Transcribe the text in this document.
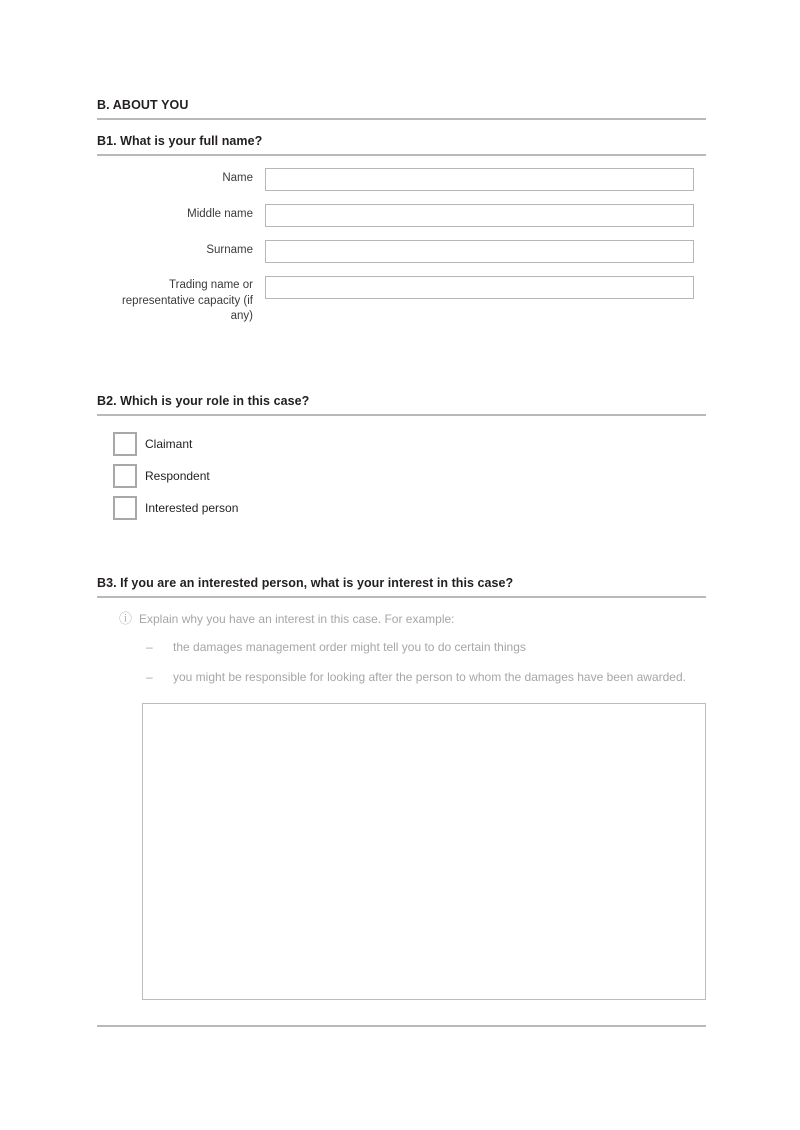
B. ABOUT YOU
B1. What is your full name?
Name
Middle name
Surname
Trading name or representative capacity (if any)
B2. Which is your role in this case?
Claimant
Respondent
Interested person
B3. If you are an interested person, what is your interest in this case?
ⓘ Explain why you have an interest in this case. For example:
–	the damages management order might tell you to do certain things
–	you might be responsible for looking after the person to whom the damages have been awarded.
